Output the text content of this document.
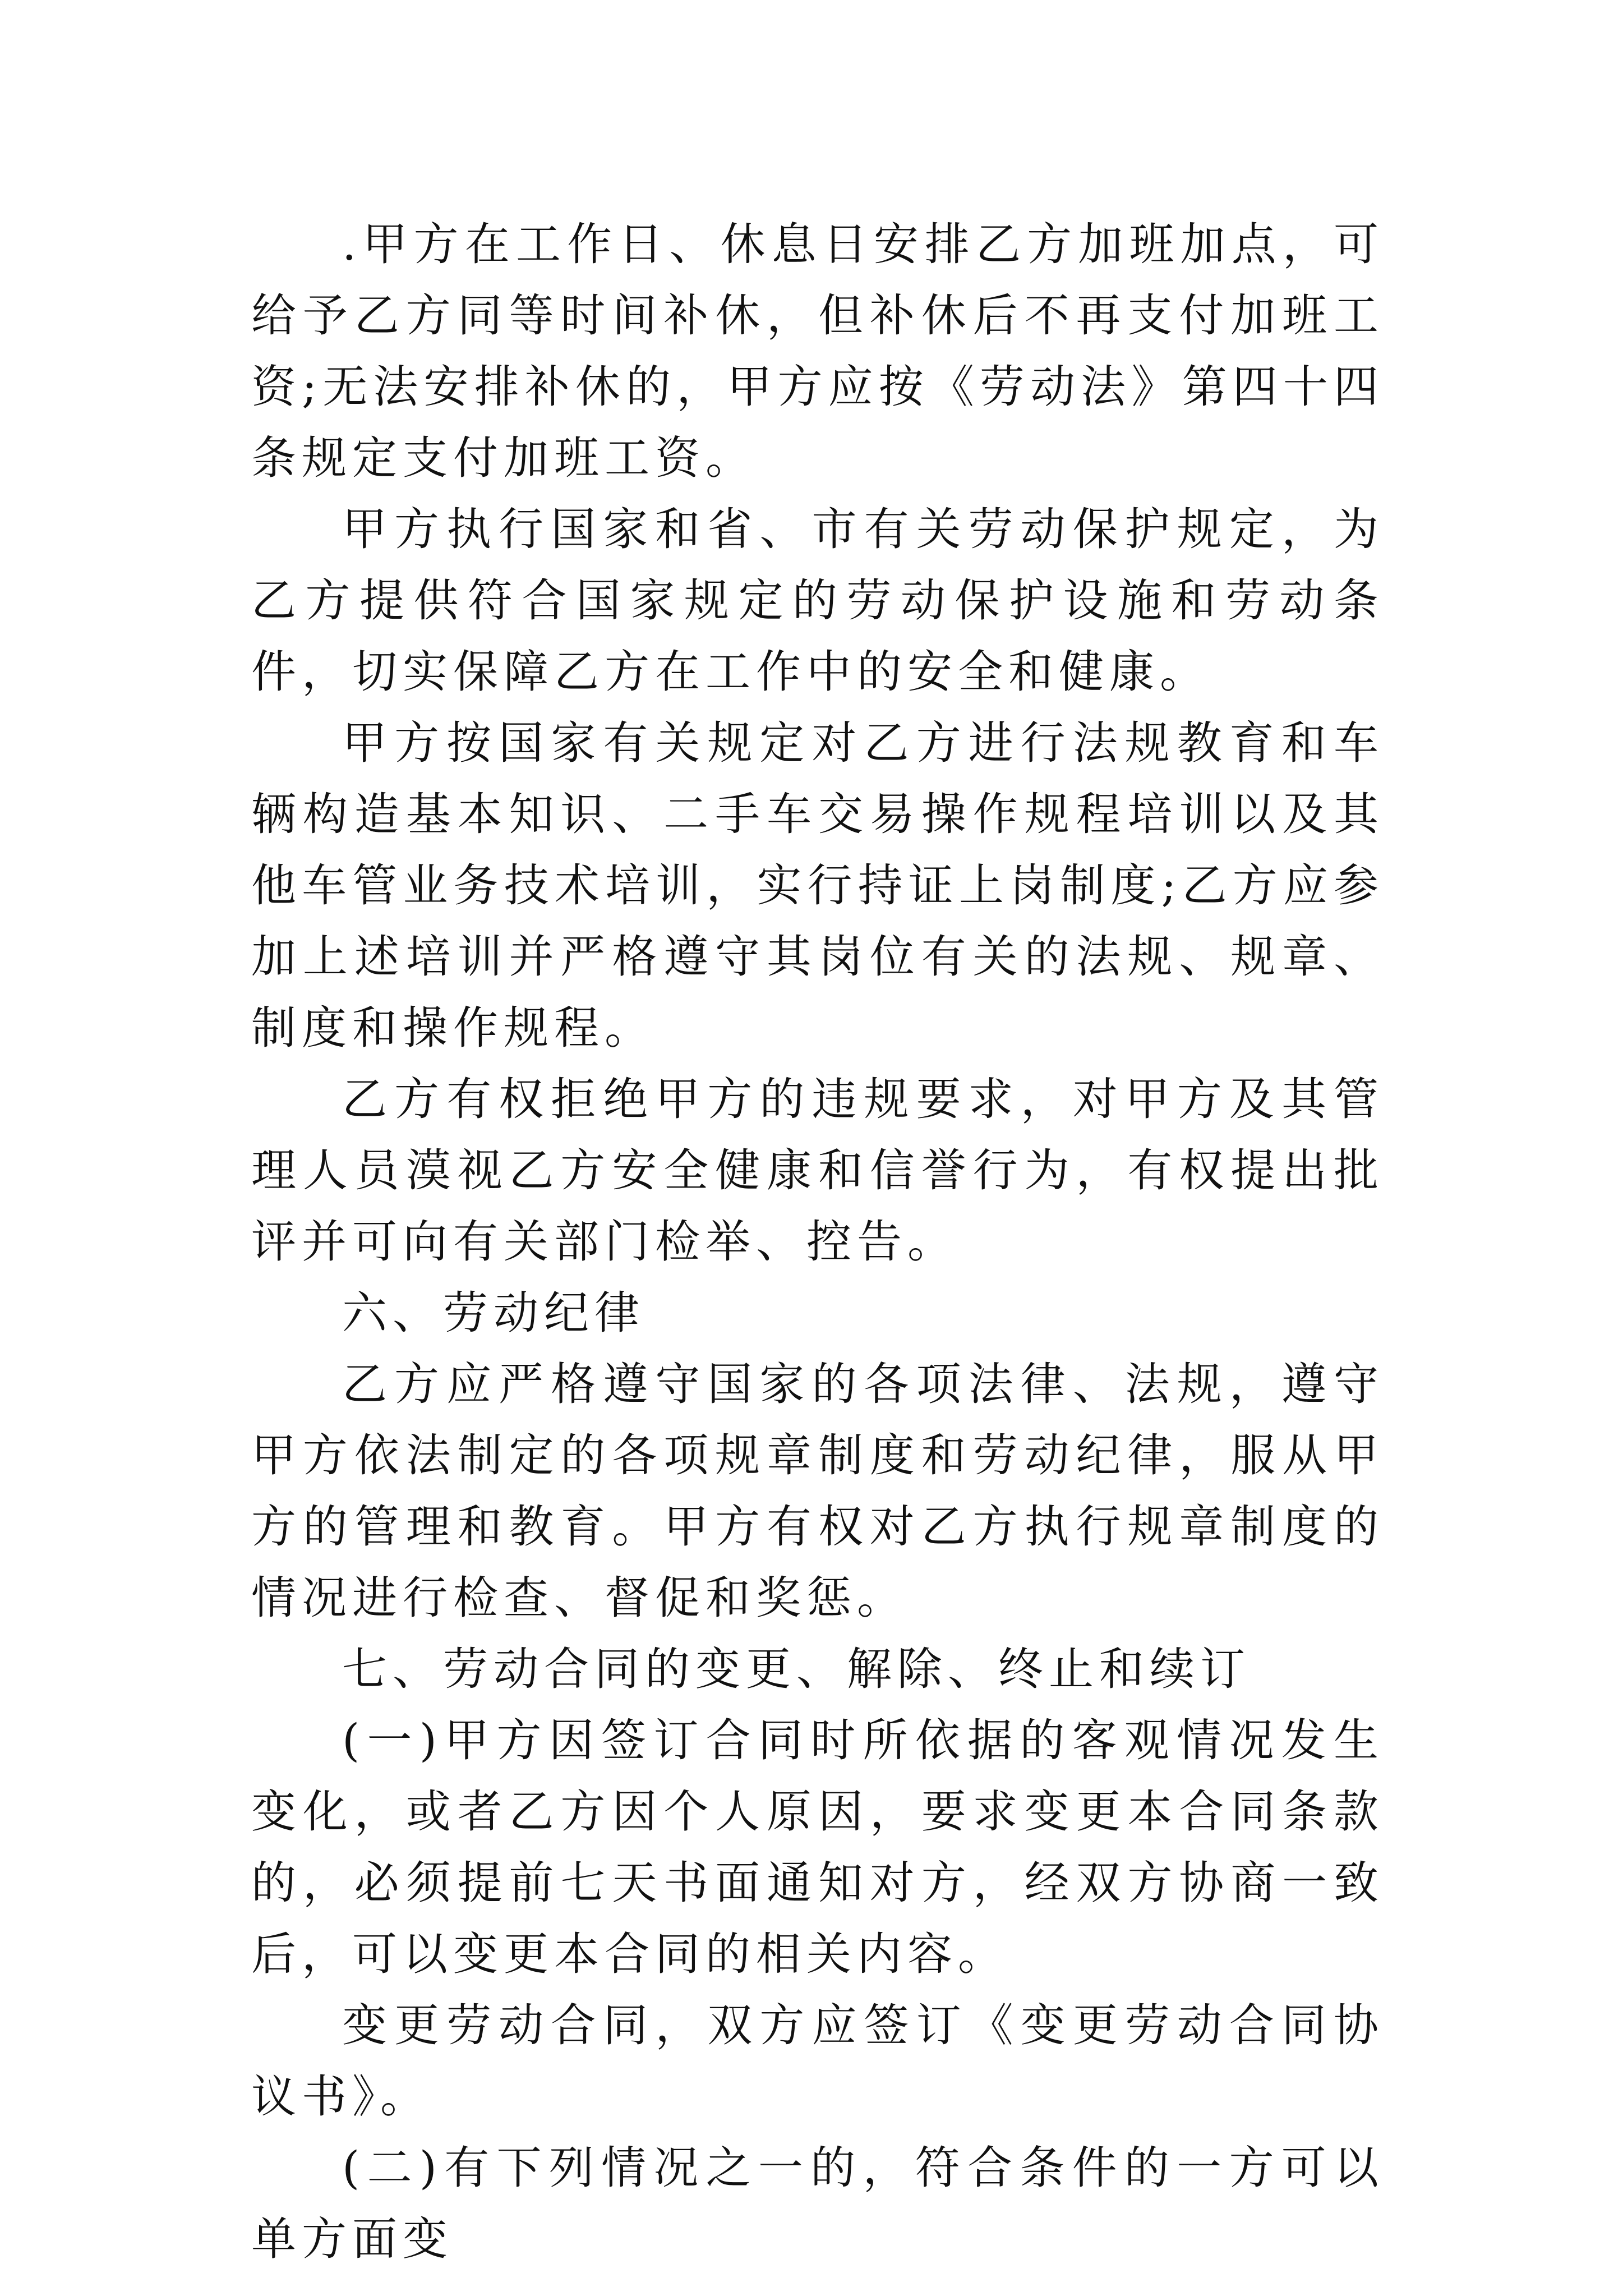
.甲方在工作日、休息日安排乙方加班加点，可给予乙方同等时间补休，但补休后不再支付加班工资;无法安排补休的，甲方应按《劳动法》第四十四条规定支付加班工资。

甲方执行国家和省、市有关劳动保护规定，为乙方提供符合国家规定的劳动保护设施和劳动条件，切实保障乙方在工作中的安全和健康。

甲方按国家有关规定对乙方进行法规教育和车辆构造基本知识、二手车交易操作规程培训以及其他车管业务技术培训，实行持证上岗制度;乙方应参加上述培训并严格遵守其岗位有关的法规、规章、制度和操作规程。

乙方有权拒绝甲方的违规要求，对甲方及其管理人员漠视乙方安全健康和信誉行为，有权提出批评并可向有关部门检举、控告。

六、劳动纪律

乙方应严格遵守国家的各项法律、法规，遵守甲方依法制定的各项规章制度和劳动纪律，服从甲方的管理和教育。甲方有权对乙方执行规章制度的情况进行检查、督促和奖惩。

七、劳动合同的变更、解除、终止和续订

(一)甲方因签订合同时所依据的客观情况发生变化，或者乙方因个人原因，要求变更本合同条款的，必须提前七天书面通知对方，经双方协商一致后，可以变更本合同的相关内容。

变更劳动合同，双方应签订《变更劳动合同协议书》。

(二)有下列情况之一的，符合条件的一方可以单方面变
